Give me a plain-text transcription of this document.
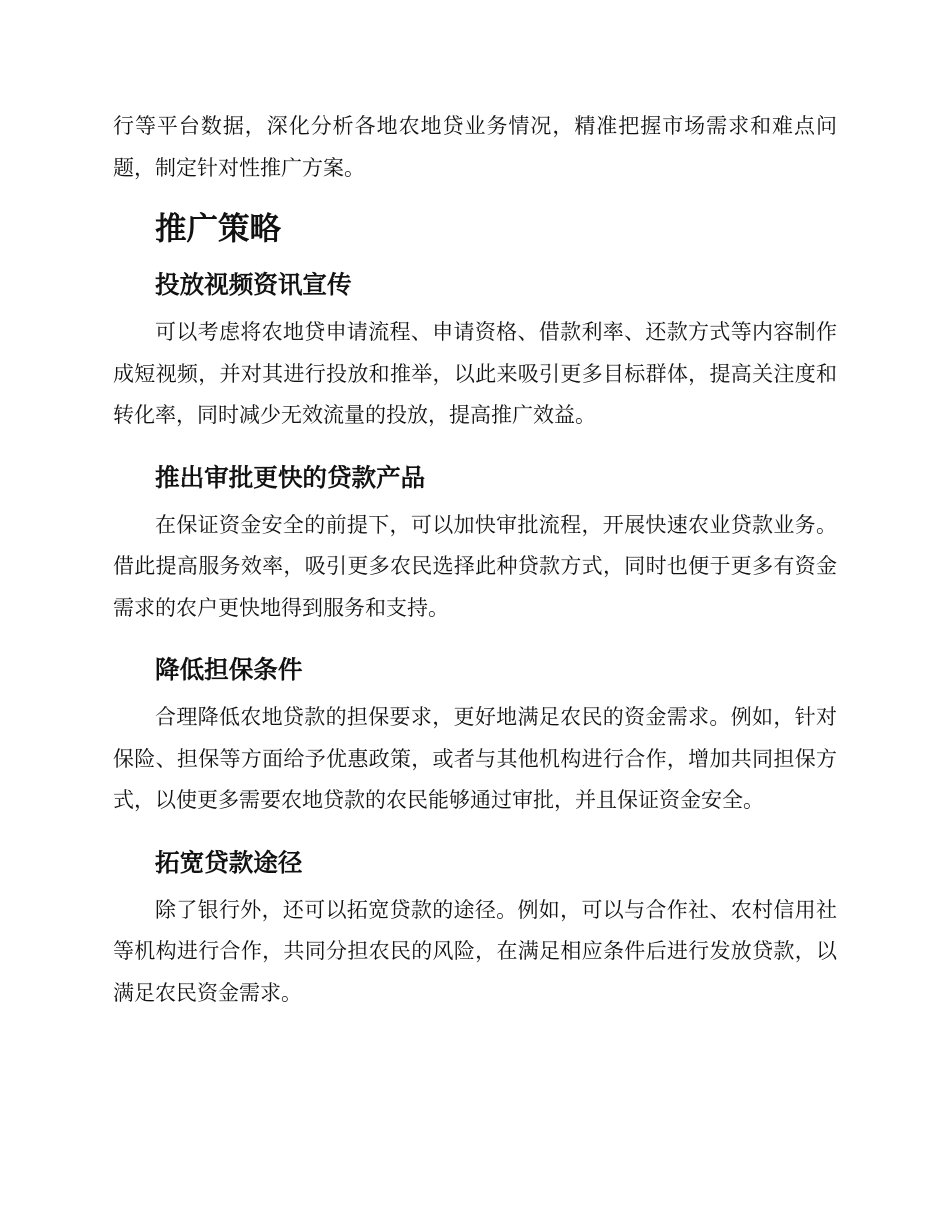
行等平台数据，深化分析各地农地贷业务情况，精准把握市场需求和难点问题，制定针对性推广方案。

推广策略
投放视频资讯宣传

可以考虑将农地贷申请流程、申请资格、借款利率、还款方式等内容制作成短视频，并对其进行投放和推举，以此来吸引更多目标群体，提高关注度和转化率，同时减少无效流量的投放，提高推广效益。

推出审批更快的贷款产品

在保证资金安全的前提下，可以加快审批流程，开展快速农业贷款业务。借此提高服务效率，吸引更多农民选择此种贷款方式，同时也便于更多有资金需求的农户更快地得到服务和支持。

降低担保条件

合理降低农地贷款的担保要求，更好地满足农民的资金需求。例如，针对保险、担保等方面给予优惠政策，或者与其他机构进行合作，增加共同担保方式，以使更多需要农地贷款的农民能够通过审批，并且保证资金安全。

拓宽贷款途径

除了银行外，还可以拓宽贷款的途径。例如，可以与合作社、农村信用社等机构进行合作，共同分担农民的风险，在满足相应条件后进行发放贷款，以满足农民资金需求。
